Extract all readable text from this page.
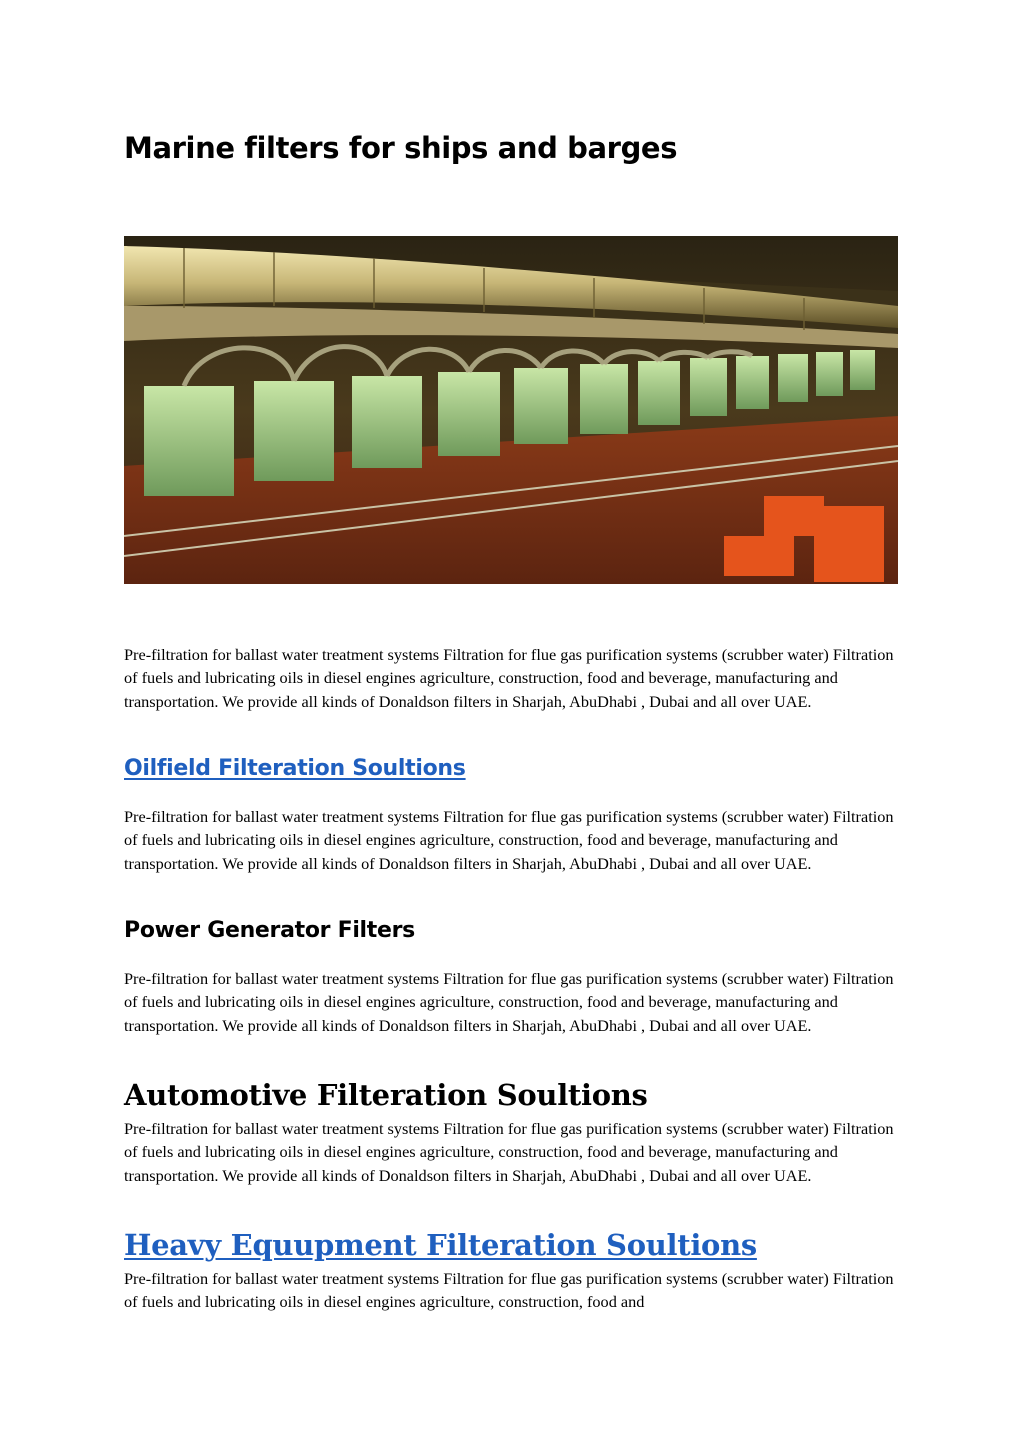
Marine filters for ships and barges

Pre-filtration for ballast water treatment systems Filtration for flue gas purification systems (scrubber water) Filtration of fuels and lubricating oils in diesel engines agriculture, construction, food and beverage, manufacturing and transportation. We provide all kinds of Donaldson filters in Sharjah, AbuDhabi , Dubai and all over UAE.

Oilfield Filteration Soultions

Pre-filtration for ballast water treatment systems Filtration for flue gas purification systems (scrubber water) Filtration of fuels and lubricating oils in diesel engines agriculture, construction, food and beverage, manufacturing and transportation. We provide all kinds of Donaldson filters in Sharjah, AbuDhabi , Dubai and all over UAE.

Power Generator Filters

Pre-filtration for ballast water treatment systems Filtration for flue gas purification systems (scrubber water) Filtration of fuels and lubricating oils in diesel engines agriculture, construction, food and beverage, manufacturing and transportation. We provide all kinds of Donaldson filters in Sharjah, AbuDhabi , Dubai and all over UAE.

Automotive Filteration Soultions

Pre-filtration for ballast water treatment systems Filtration for flue gas purification systems (scrubber water) Filtration of fuels and lubricating oils in diesel engines agriculture, construction, food and beverage, manufacturing and transportation. We provide all kinds of Donaldson filters in Sharjah, AbuDhabi , Dubai and all over UAE.

Heavy Equupment Filteration Soultions

Pre-filtration for ballast water treatment systems Filtration for flue gas purification systems (scrubber water) Filtration of fuels and lubricating oils in diesel engines agriculture, construction, food and
